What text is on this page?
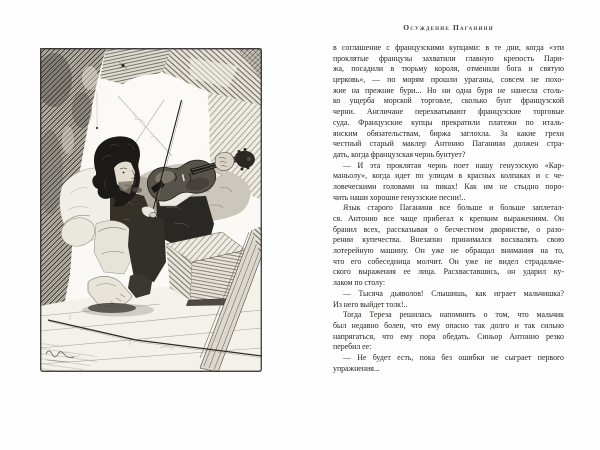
Осуждение Паганини
в соглашение с французскими купцами: в те дни, когда «эти
проклятые французы захватили главную крепость Пари-
жа, посадили в тюрьму короля, отменили бога и святую
церковь», — по морям прошли ураганы, совсем не похо-
жие на прежние бури... Но ни одна буря не нанесла столь-
ко ущерба морской торговле, сколько бунт французской
черни. Англичане перехватывают французские торговые
суда. Французские купцы прекратили платежи по италь-
янским обязательствам, биржа заглохла. За какие грехи
честный старый маклер Антонио Паганини должен стра-
дать, когда французская чернь бунтует?
— И эта проклятая чернь поет нашу генуэзскую «Кар-
маньолу», когда идет по улицам в красных колпаках и с че-
ловеческими головами на пиках! Как им не стыдно поро-
чить наши хорошие генуэзские песни!..
Язык старого Паганини все больше и больше заплетал-
ся. Антонио все чаще прибегал к крепким выражениям. Он
бранил всех, рассказывая о бесчестном дворянстве, о разо-
рении купечества. Внезапно принимался восхвалять свою
лотерейную машину. Он уже не обращал внимания на то,
что его собеседница молчит. Он уже не видел страдальче-
ского выражения ее лица. Расхваставшись, он ударил ку-
лаком по столу:
— Тысяча дьяволов! Слышишь, как играет мальчишка?
Из него выйдет толк!..
Тогда Тереза решилась напомнить о том, что мальчик
был недавно болен, что ему опасно так долго и так сильно
напрягаться, что ему пора обедать. Синьор Антонио резко
перебил ее:
— Не будет есть, пока без ошибки не сыграет первого
упражнения...
